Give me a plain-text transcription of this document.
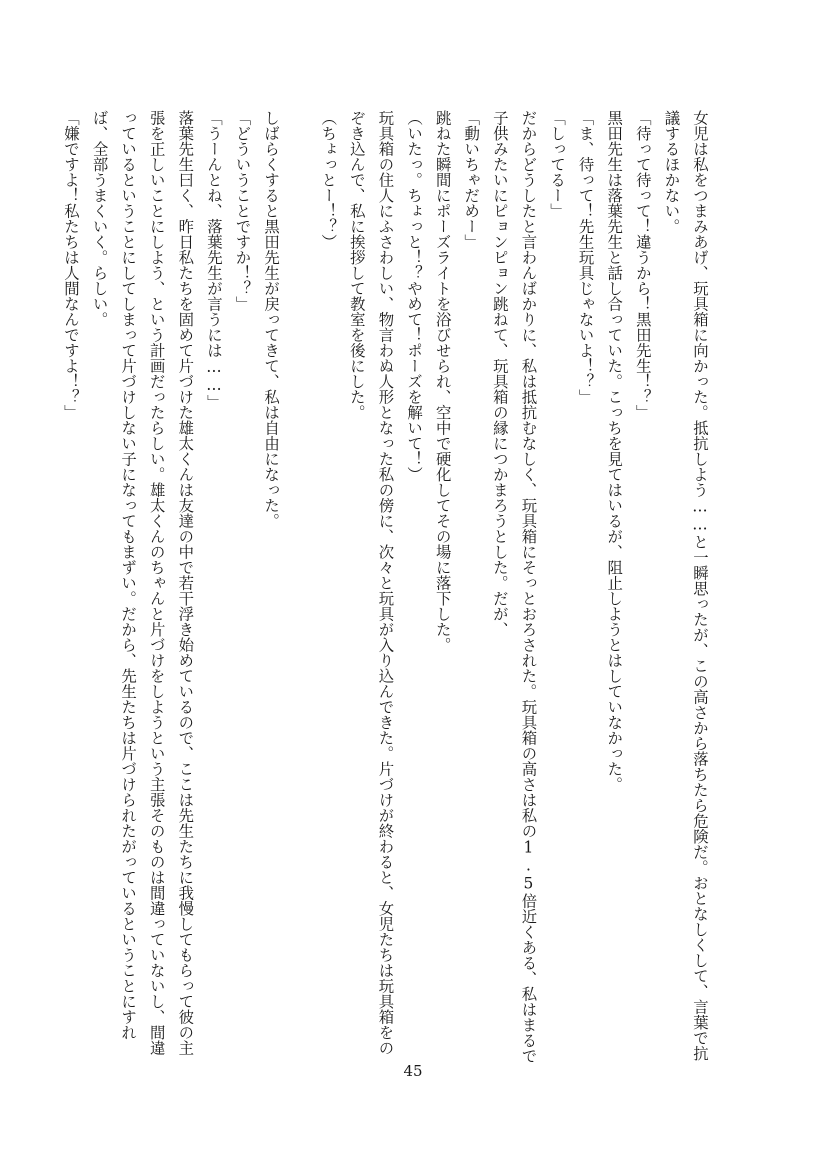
女児は私をつまみあげ、玩具箱に向かった。抵抗しよう……と一瞬思ったが、この高さから落ちたら危険だ。おとなしくして、言葉で抗議するほかない。

「待って待って！違うから！黒田先生！？」

黒田先生は落葉先生と話し合っていた。こっちを見てはいるが、阻止しようとはしていなかった。

「ま、待って！先生玩具じゃないよ！？」

「しってるー」

だからどうしたと言わんばかりに、私は抵抗むなしく、玩具箱にそっとおろされた。玩具箱の高さは私の1.5倍近くある、私はまるで子供みたいにピョンピョン跳ねて、玩具箱の縁につかまろうとした。だが、

「動いちゃだめー」

跳ねた瞬間にポーズライトを浴びせられ、空中で硬化してその場に落下した。

（いたっ。ちょっと！？やめて！ポーズを解いて！）

玩具箱の住人にふさわしい、物言わぬ人形となった私の傍に、次々と玩具が入り込んできた。片づけが終わると、女児たちは玩具箱をのぞき込んで、私に挨拶して教室を後にした。

（ちょっとー！？）

しばらくすると黒田先生が戻ってきて、私は自由になった。

「どういうことですか！？」

「うーんとね、落葉先生が言うには……」

落葉先生曰く、昨日私たちを固めて片づけた雄太くんは友達の中で若干浮き始めているので、ここは先生たちに我慢してもらって彼の主張を正しいことにしよう、という計画だったらしい。雄太くんのちゃんと片づけをしようという主張そのものは間違っていないし、間違っているということにしてしまって片づけしない子になってもまずい。だから、先生たちは片づけられたがっているということにすれば、全部うまくいく。らしい。

「嫌ですよ！私たちは人間なんですよ！？」

45
